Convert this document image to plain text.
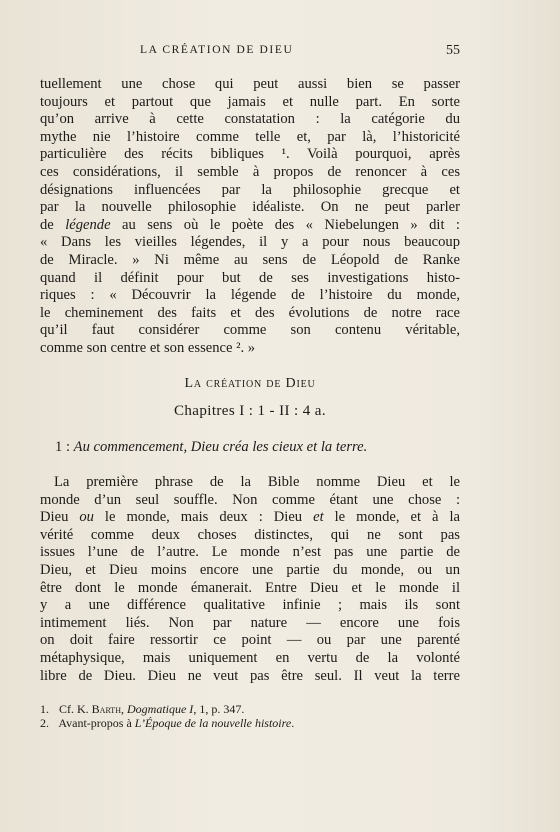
LA CRÉATION DE DIEU	55
tuellement une chose qui peut aussi bien se passer
toujours et partout que jamais et nulle part. En sorte
qu’on arrive à cette constatation : la catégorie du
mythe nie l’histoire comme telle et, par là, l’historicité
particulière des récits bibliques ¹. Voilà pourquoi, après
ces considérations, il semble à propos de renoncer à ces
désignations influencées par la philosophie grecque et
par la nouvelle philosophie idéaliste. On ne peut parler
de légende au sens où le poète des « Niebelungen » dit :
« Dans les vieilles légendes, il y a pour nous beaucoup
de Miracle. » Ni même au sens de Léopold de Ranke
quand il définit pour but de ses investigations histo-
riques : « Découvrir la légende de l’histoire du monde,
le cheminement des faits et des évolutions de notre race
qu’il faut considérer comme son contenu véritable,
comme son centre et son essence ². »
La création de Dieu
Chapitres I : 1 - II : 4 a.
1 : Au commencement, Dieu créa les cieux et la terre.
La première phrase de la Bible nomme Dieu et le
monde d’un seul souffle. Non comme étant une chose :
Dieu ou le monde, mais deux : Dieu et le monde, et à la
vérité comme deux choses distinctes, qui ne sont pas
issues l’une de l’autre. Le monde n’est pas une partie de
Dieu, et Dieu moins encore une partie du monde, ou un
être dont le monde émanerait. Entre Dieu et le monde il
y a une différence qualitative infinie ; mais ils sont
intimement liés. Non par nature — encore une fois
on doit faire ressortir ce point — ou par une parenté
métaphysique, mais uniquement en vertu de la volonté
libre de Dieu. Dieu ne veut pas être seul. Il veut la terre
1. Cf. K. Barth, Dogmatique I, 1, p. 347.
2. Avant-propos à L’Époque de la nouvelle histoire.
